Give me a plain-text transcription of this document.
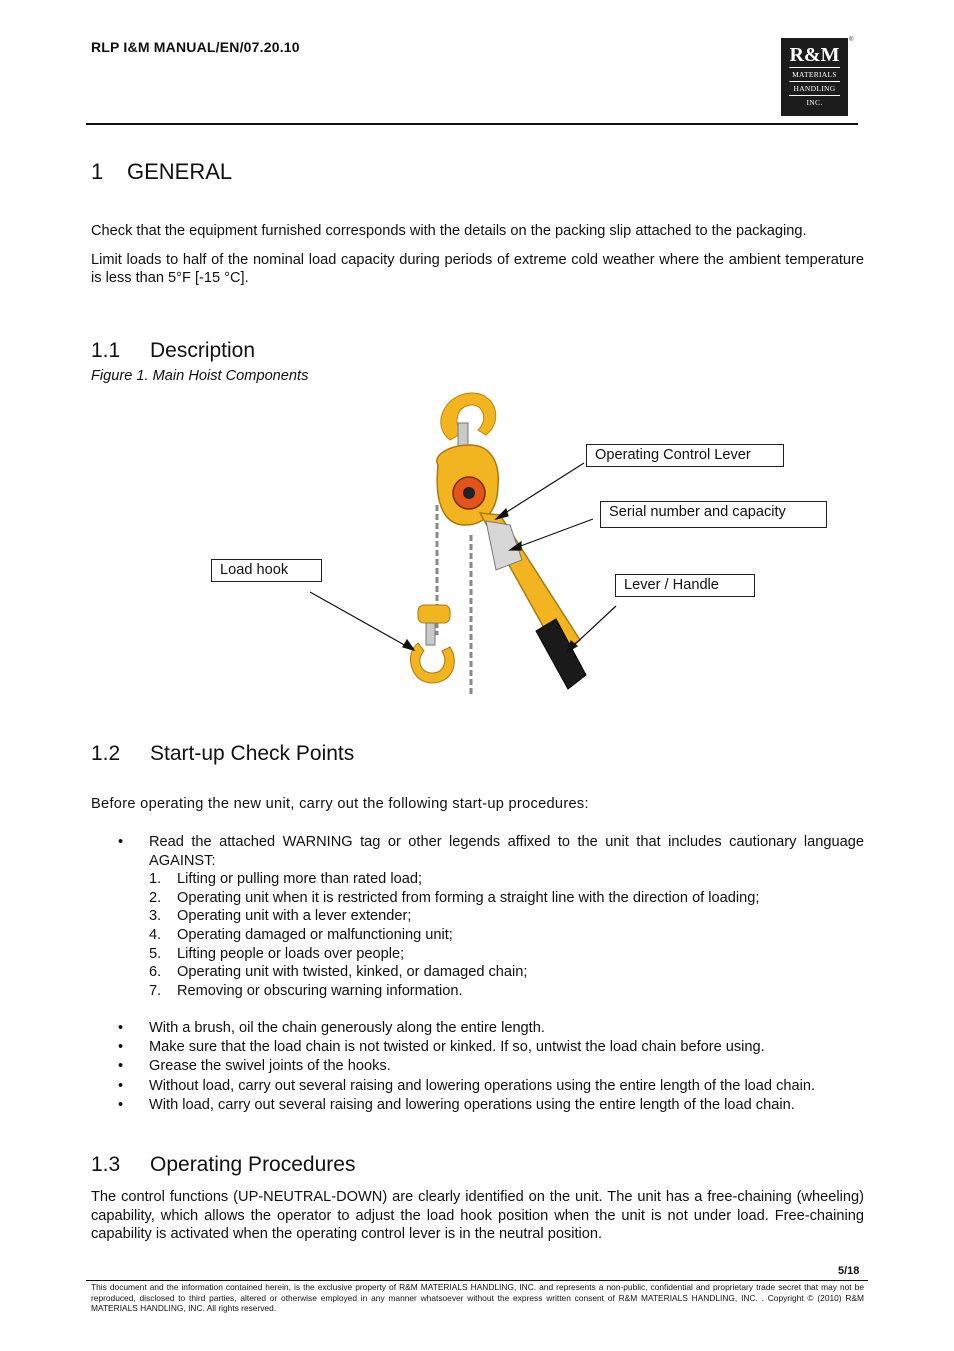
RLP I&M MANUAL/EN/07.20.10	R&M
MATERIALS
HANDLING
INC.
®
1 GENERAL

Check that the equipment furnished corresponds with the details on the packing slip attached to the packaging.

Limit loads to half of the nominal load capacity during periods of extreme cold weather where the ambient temperature is less than 5°F [-15 °C].

1.1 Description
Figure 1. Main Hoist Components
Operating Control Lever
Serial number and capacity
Load hook
Lever / Handle
1.2 Start-up Check Points
Before operating the new unit, carry out the following start-up procedures:
• Read the attached WARNING tag or other legends affixed to the unit that includes cautionary language AGAINST:
1. Lifting or pulling more than rated load;
2. Operating unit when it is restricted from forming a straight line with the direction of loading;
3. Operating unit with a lever extender;
4. Operating damaged or malfunctioning unit;
5. Lifting people or loads over people;
6. Operating unit with twisted, kinked, or damaged chain;
7. Removing or obscuring warning information.
• With a brush, oil the chain generously along the entire length.
• Make sure that the load chain is not twisted or kinked. If so, untwist the load chain before using.
• Grease the swivel joints of the hooks.
• Without load, carry out several raising and lowering operations using the entire length of the load chain.
• With load, carry out several raising and lowering operations using the entire length of the load chain.
1.3 Operating Procedures
The control functions (UP-NEUTRAL-DOWN) are clearly identified on the unit. The unit has a free-chaining (wheeling) capability, which allows the operator to adjust the load hook position when the unit is not under load. Free-chaining capability is activated when the operating control lever is in the neutral position.
5/18
This document and the information contained herein, is the exclusive property of R&M MATERIALS HANDLING, INC. and represents a non-public, confidential and proprietary trade secret that may not be reproduced, disclosed to third parties, altered or otherwise employed in any manner whatsoever without the express written consent of R&M MATERIALS HANDLING, INC. . Copyright © (2010) R&M MATERIALS HANDLING, INC. All rights reserved.
